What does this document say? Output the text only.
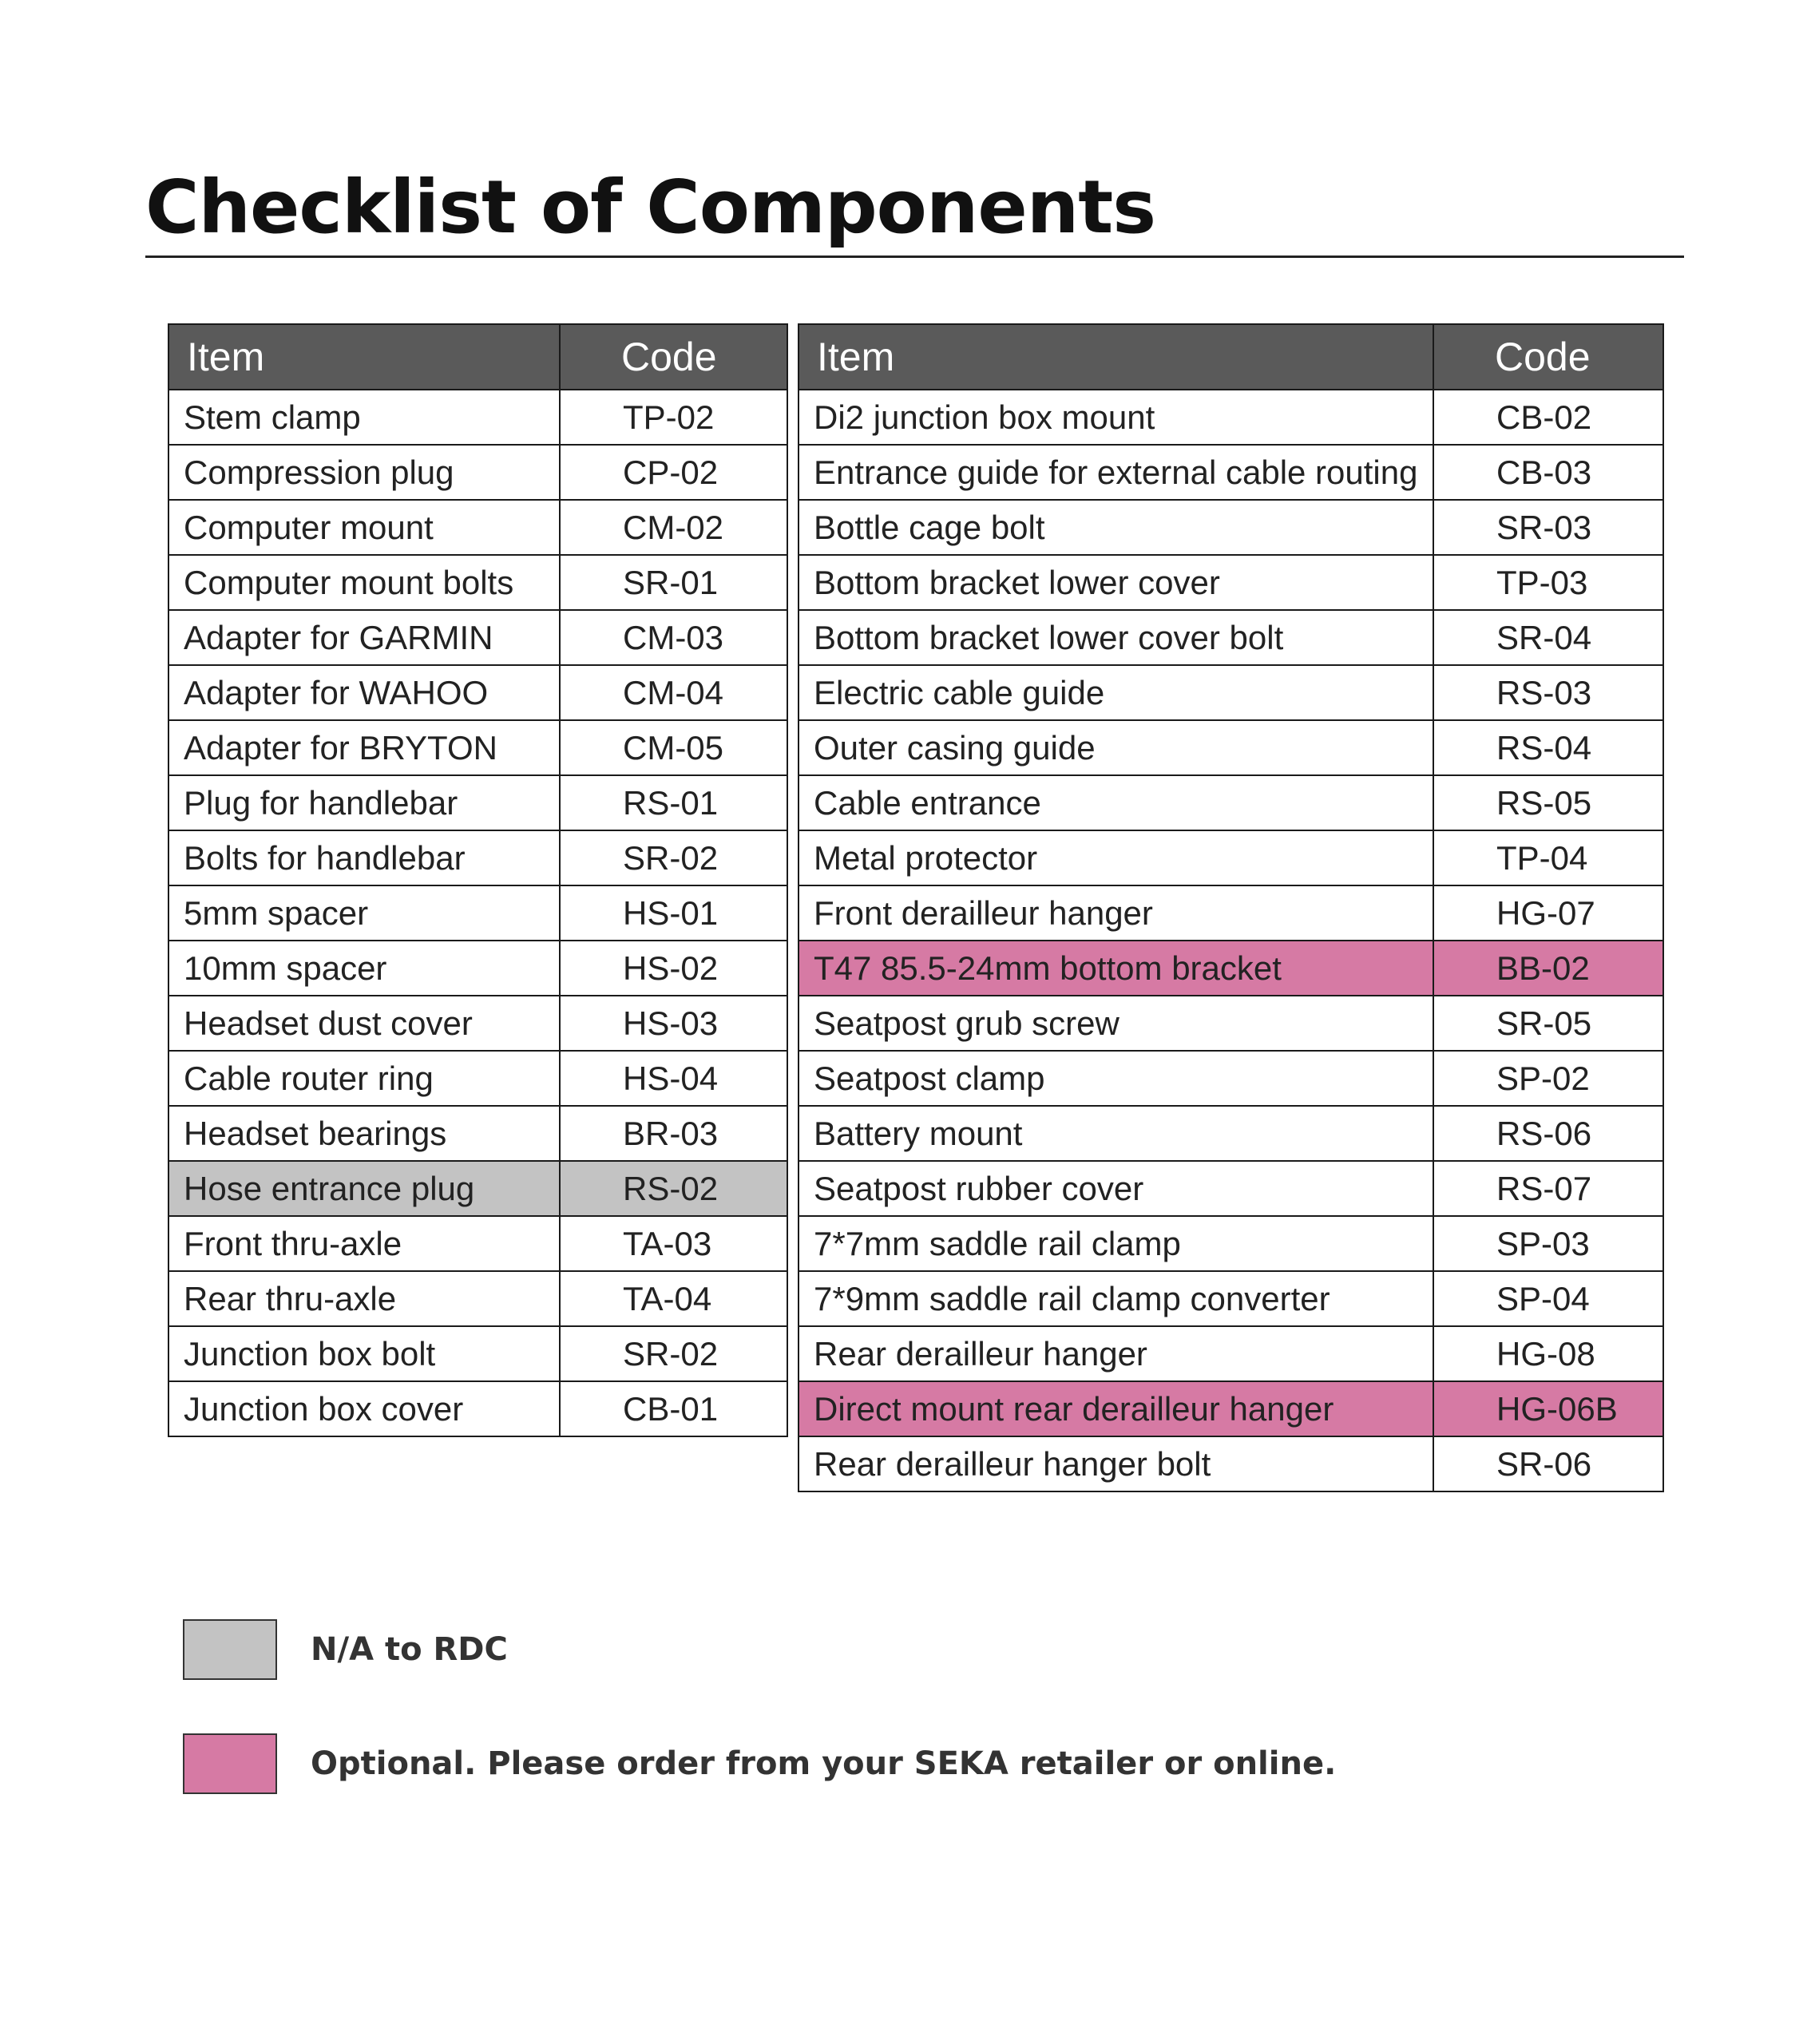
Checklist of Components
Item	Code
Stem clamp	TP-02
Compression plug	CP-02
Computer mount	CM-02
Computer mount bolts	SR-01
Adapter for GARMIN	CM-03
Adapter for WAHOO	CM-04
Adapter for BRYTON	CM-05
Plug for handlebar	RS-01
Bolts for handlebar	SR-02
5mm spacer	HS-01
10mm spacer	HS-02
Headset dust cover	HS-03
Cable router ring	HS-04
Headset bearings	BR-03
Hose entrance plug	RS-02
Front thru-axle	TA-03
Rear thru-axle	TA-04
Junction box bolt	SR-02
Junction box cover	CB-01
Item	Code
Di2 junction box mount	CB-02
Entrance guide for external cable routing	CB-03
Bottle cage bolt	SR-03
Bottom bracket lower cover	TP-03
Bottom bracket lower cover bolt	SR-04
Electric cable guide	RS-03
Outer casing guide	RS-04
Cable entrance	RS-05
Metal protector	TP-04
Front derailleur hanger	HG-07
T47 85.5-24mm bottom bracket	BB-02
Seatpost grub screw	SR-05
Seatpost clamp	SP-02
Battery mount	RS-06
Seatpost rubber cover	RS-07
7*7mm saddle rail clamp	SP-03
7*9mm saddle rail clamp converter	SP-04
Rear derailleur hanger	HG-08
Direct mount rear derailleur hanger	HG-06B
Rear derailleur hanger bolt	SR-06
N/A to RDC
Optional. Please order from your SEKA retailer or online.
